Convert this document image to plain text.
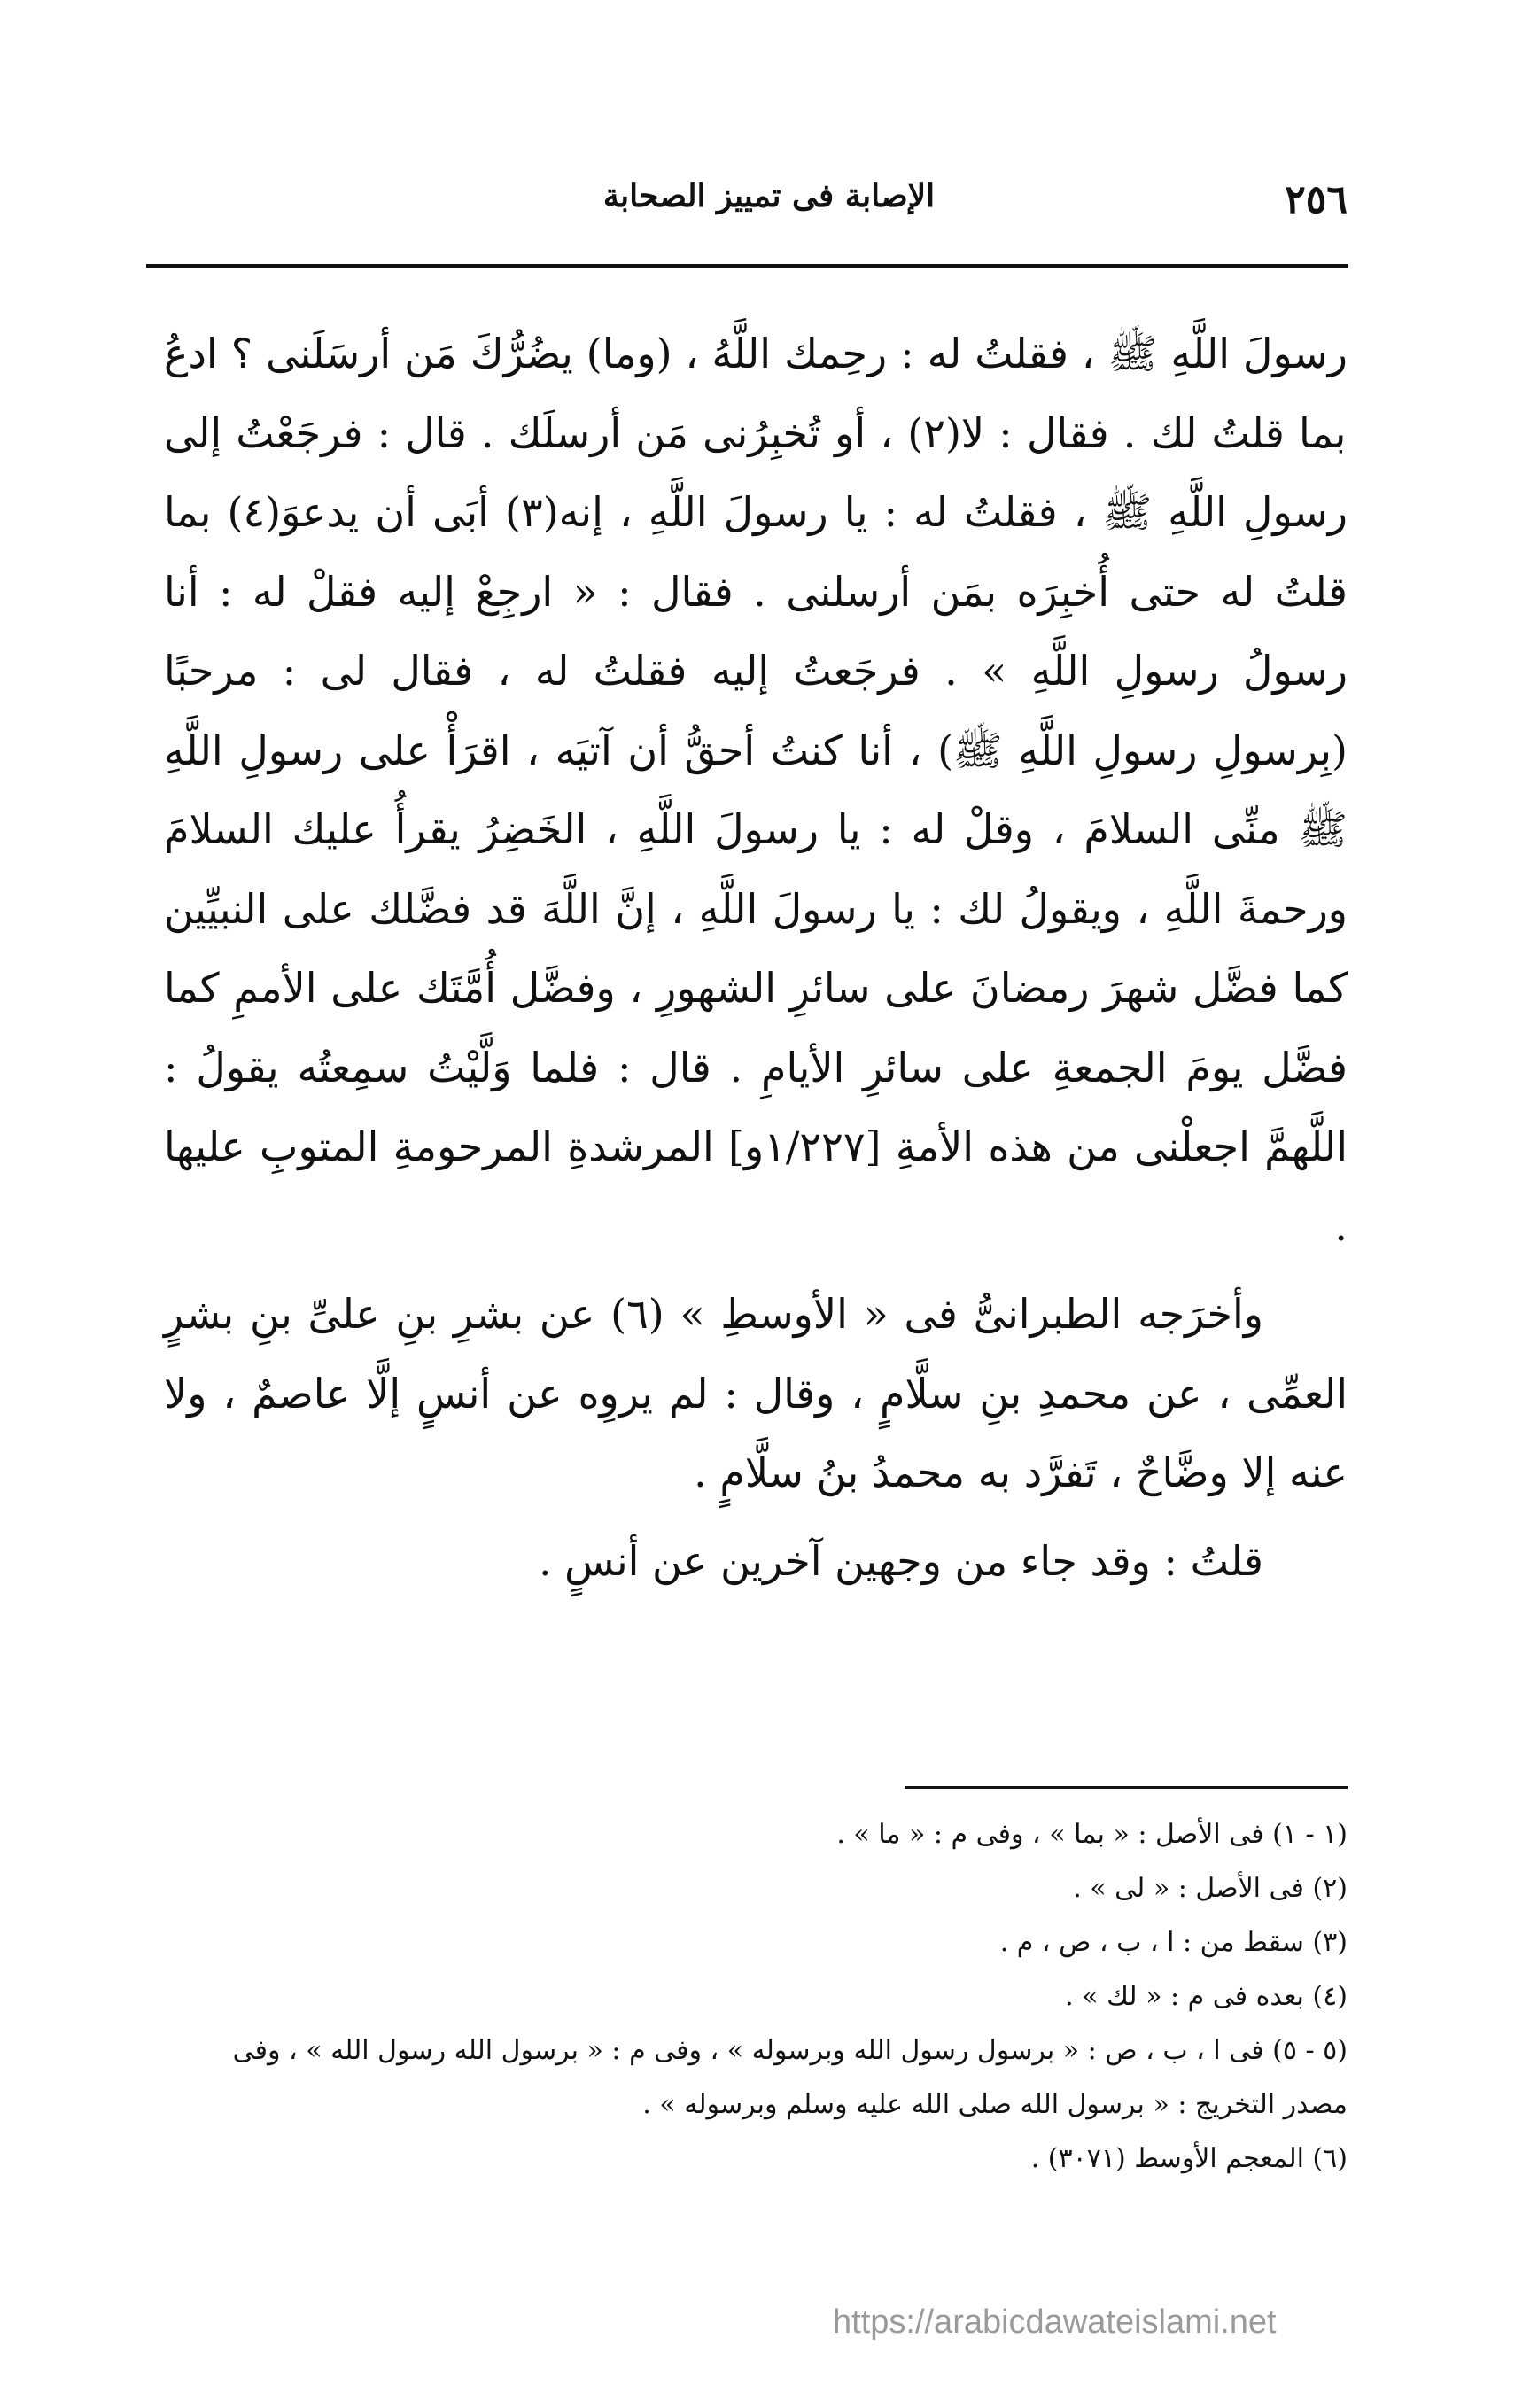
٢٥٦
الإصابة فى تمييز الصحابة

رسولَ اللَّهِ ﷺ ، فقلتُ له : رحِمك اللَّهُ ، (وما) يضُرُّكَ مَن أرسَلَنى ؟ ادعُ بما قلتُ لك . فقال : لا(٢) ، أو تُخبِرُنى مَن أرسلَك . قال : فرجَعْتُ إلى رسولِ اللَّهِ ﷺ ، فقلتُ له : يا رسولَ اللَّهِ ، إنه(٣) أبَى أن يدعوَ(٤) بما قلتُ له حتى أُخبِرَه بمَن أرسلنى . فقال : « ارجِعْ إليه فقلْ له : أنا رسولُ رسولِ اللَّهِ » . فرجَعتُ إليه فقلتُ له ، فقال لى : مرحبًا (بِرسولِ رسولِ اللَّهِ ﷺ) ، أنا كنتُ أحقُّ أن آتيَه ، اقرَأْ على رسولِ اللَّهِ ﷺ منِّى السلامَ ، وقلْ له : يا رسولَ اللَّهِ ، الخَضِرُ يقرأُ عليك السلامَ ورحمةَ اللَّهِ ، ويقولُ لك : يا رسولَ اللَّهِ ، إنَّ اللَّهَ قد فضَّلك على النبيِّين كما فضَّل شهرَ رمضانَ على سائرِ الشهورِ ، وفضَّل أُمَّتَك على الأممِ كما فضَّل يومَ الجمعةِ على سائرِ الأيامِ . قال : فلما وَلَّيْتُ سمِعتُه يقولُ : اللَّهمَّ اجعلْنى من هذه الأمةِ [١/٢٢٧و] المرشدةِ المرحومةِ المتوبِ عليها .

وأخرَجه الطبرانىُّ فى « الأوسطِ » (٦) عن بشرِ بنِ علىِّ بنِ بشرٍ العمِّى ، عن محمدِ بنِ سلَّامٍ ، وقال : لم يروِه عن أنسٍ إلَّا عاصمٌ ، ولا عنه إلا وضَّاحٌ ، تَفرَّد به محمدُ بنُ سلَّامٍ .

قلتُ : وقد جاء من وجهين آخرين عن أنسٍ .

(١ - ١) فى الأصل : « بما » ، وفى م : « ما » .

(٢) فى الأصل : « لى » .

(٣) سقط من : ا ، ب ، ص ، م .

(٤) بعده فى م : « لك » .

(٥ - ٥) فى ا ، ب ، ص : « برسول رسول الله وبرسوله » ، وفى م : « برسول الله رسول الله » ، وفى

مصدر التخريج : « برسول الله صلى الله عليه وسلم وبرسوله » .

(٦) المعجم الأوسط (٣٠٧١) .

https://arabicdawateislami.net
